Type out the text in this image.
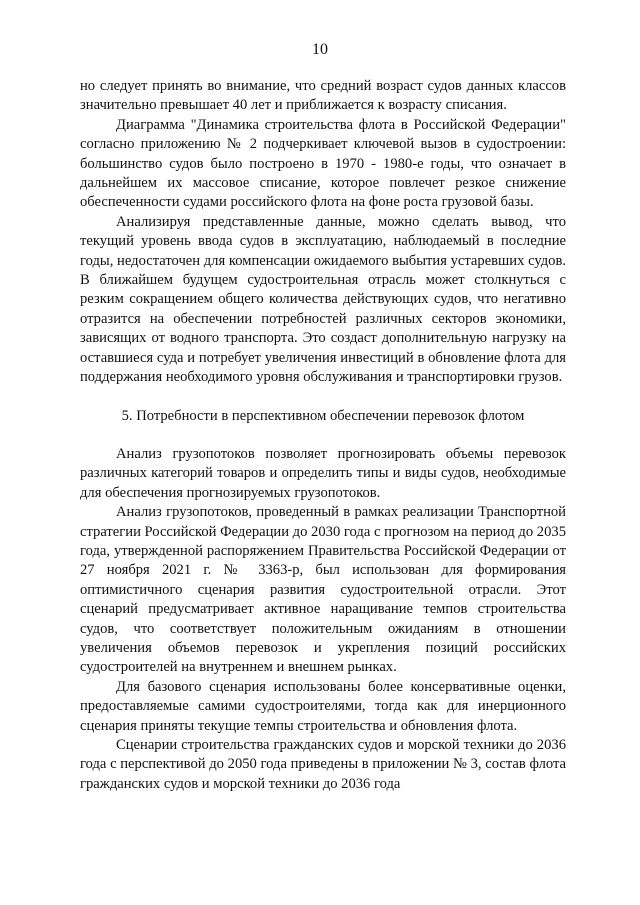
10

но следует принять во внимание, что средний возраст судов данных классов значительно превышает 40 лет и приближается к возрасту списания.

Диаграмма "Динамика строительства флота в Российской Федерации" согласно приложению № 2 подчеркивает ключевой вызов в судостроении: большинство судов было построено в 1970 - 1980-е годы, что означает в дальнейшем их массовое списание, которое повлечет резкое снижение обеспеченности судами российского флота на фоне роста грузовой базы.

Анализируя представленные данные, можно сделать вывод, что текущий уровень ввода судов в эксплуатацию, наблюдаемый в последние годы, недостаточен для компенсации ожидаемого выбытия устаревших судов. В ближайшем будущем судостроительная отрасль может столкнуться с резким сокращением общего количества действующих судов, что негативно отразится на обеспечении потребностей различных секторов экономики, зависящих от водного транспорта. Это создаст дополнительную нагрузку на оставшиеся суда и потребует увеличения инвестиций в обновление флота для поддержания необходимого уровня обслуживания и транспортировки грузов.

5. Потребности в перспективном обеспечении перевозок флотом

Анализ грузопотоков позволяет прогнозировать объемы перевозок различных категорий товаров и определить типы и виды судов, необходимые для обеспечения прогнозируемых грузопотоков.

Анализ грузопотоков, проведенный в рамках реализации Транспортной стратегии Российской Федерации до 2030 года с прогнозом на период до 2035 года, утвержденной распоряжением Правительства Российской Федерации от 27 ноября 2021 г. № 3363-р, был использован для формирования оптимистичного сценария развития судостроительной отрасли. Этот сценарий предусматривает активное наращивание темпов строительства судов, что соответствует положительным ожиданиям в отношении увеличения объемов перевозок и укрепления позиций российских судостроителей на внутреннем и внешнем рынках.

Для базового сценария использованы более консервативные оценки, предоставляемые самими судостроителями, тогда как для инерционного сценария приняты текущие темпы строительства и обновления флота.

Сценарии строительства гражданских судов и морской техники до 2036 года с перспективой до 2050 года приведены в приложении № 3, состав флота гражданских судов и морской техники до 2036 года
